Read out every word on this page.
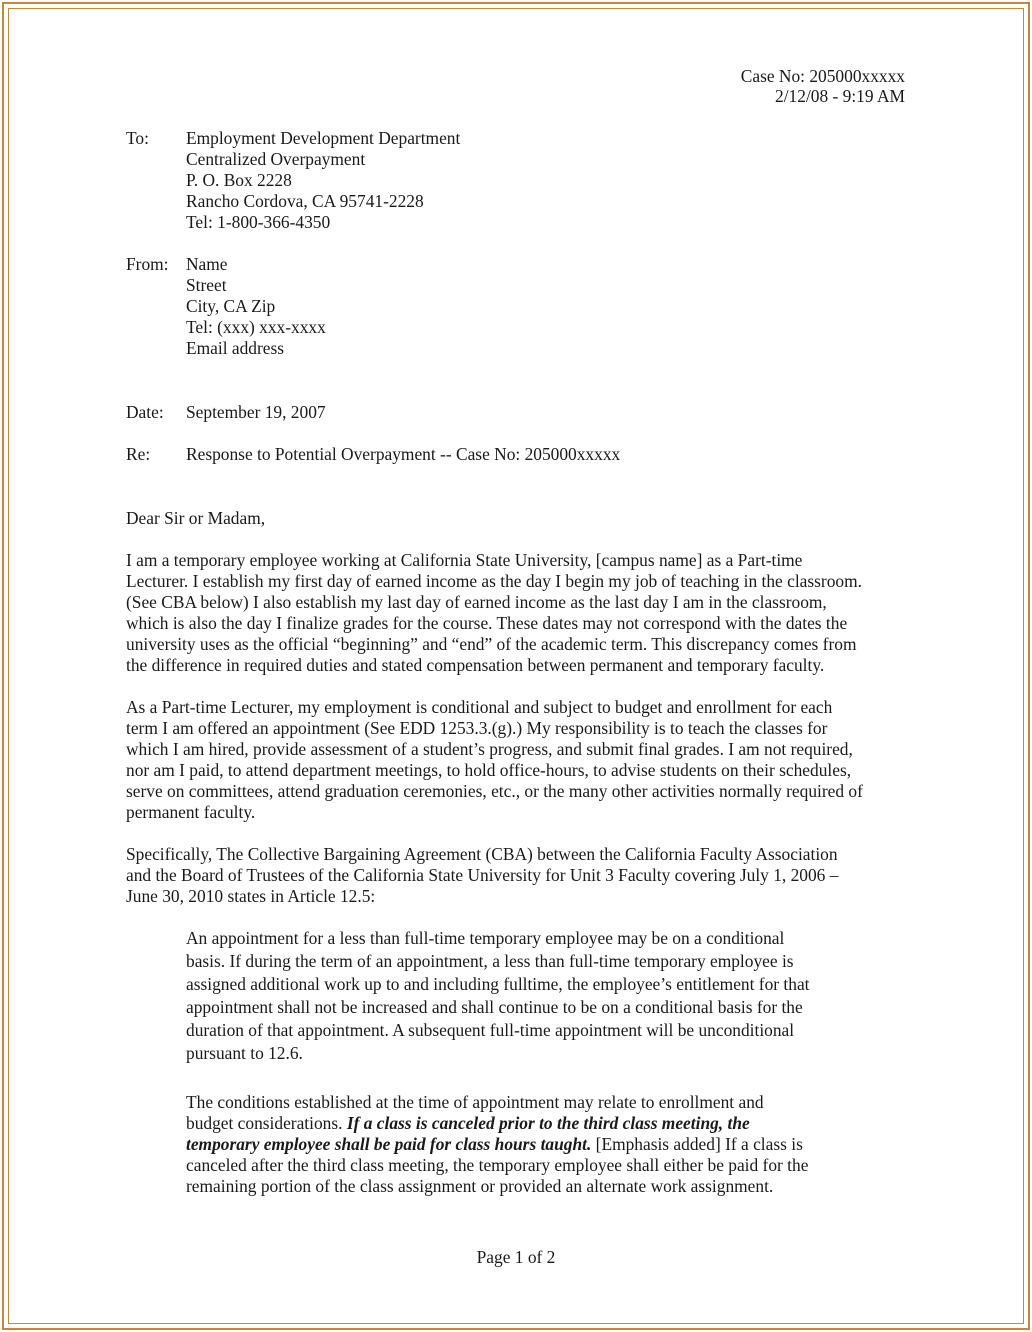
Case No: 205000xxxxx
2/12/08 - 9:19 AM
To: Employment Development Department
Centralized Overpayment
P. O. Box 2228
Rancho Cordova, CA 95741-2228
Tel: 1-800-366-4350
From: Name
Street
City, CA Zip
Tel: (xxx) xxx-xxxx
Email address
Date: September 19, 2007
Re: Response to Potential Overpayment -- Case No: 205000xxxxx
Dear Sir or Madam,
I am a temporary employee working at California State University, [campus name] as a Part-time
Lecturer. I establish my first day of earned income as the day I begin my job of teaching in the classroom.
(See CBA below) I also establish my last day of earned income as the last day I am in the classroom,
which is also the day I finalize grades for the course. These dates may not correspond with the dates the
university uses as the official “beginning” and “end” of the academic term. This discrepancy comes from
the difference in required duties and stated compensation between permanent and temporary faculty.
As a Part-time Lecturer, my employment is conditional and subject to budget and enrollment for each
term I am offered an appointment (See EDD 1253.3.(g).) My responsibility is to teach the classes for
which I am hired, provide assessment of a student’s progress, and submit final grades. I am not required,
nor am I paid, to attend department meetings, to hold office-hours, to advise students on their schedules,
serve on committees, attend graduation ceremonies, etc., or the many other activities normally required of
permanent faculty.
Specifically, The Collective Bargaining Agreement (CBA) between the California Faculty Association
and the Board of Trustees of the California State University for Unit 3 Faculty covering July 1, 2006 –
June 30, 2010 states in Article 12.5:
An appointment for a less than full-time temporary employee may be on a conditional
basis. If during the term of an appointment, a less than full-time temporary employee is
assigned additional work up to and including fulltime, the employee’s entitlement for that
appointment shall not be increased and shall continue to be on a conditional basis for the
duration of that appointment. A subsequent full-time appointment will be unconditional
pursuant to 12.6.
The conditions established at the time of appointment may relate to enrollment and
budget considerations. If a class is canceled prior to the third class meeting, the
temporary employee shall be paid for class hours taught. [Emphasis added] If a class is
canceled after the third class meeting, the temporary employee shall either be paid for the
remaining portion of the class assignment or provided an alternate work assignment.
Page 1 of 2
